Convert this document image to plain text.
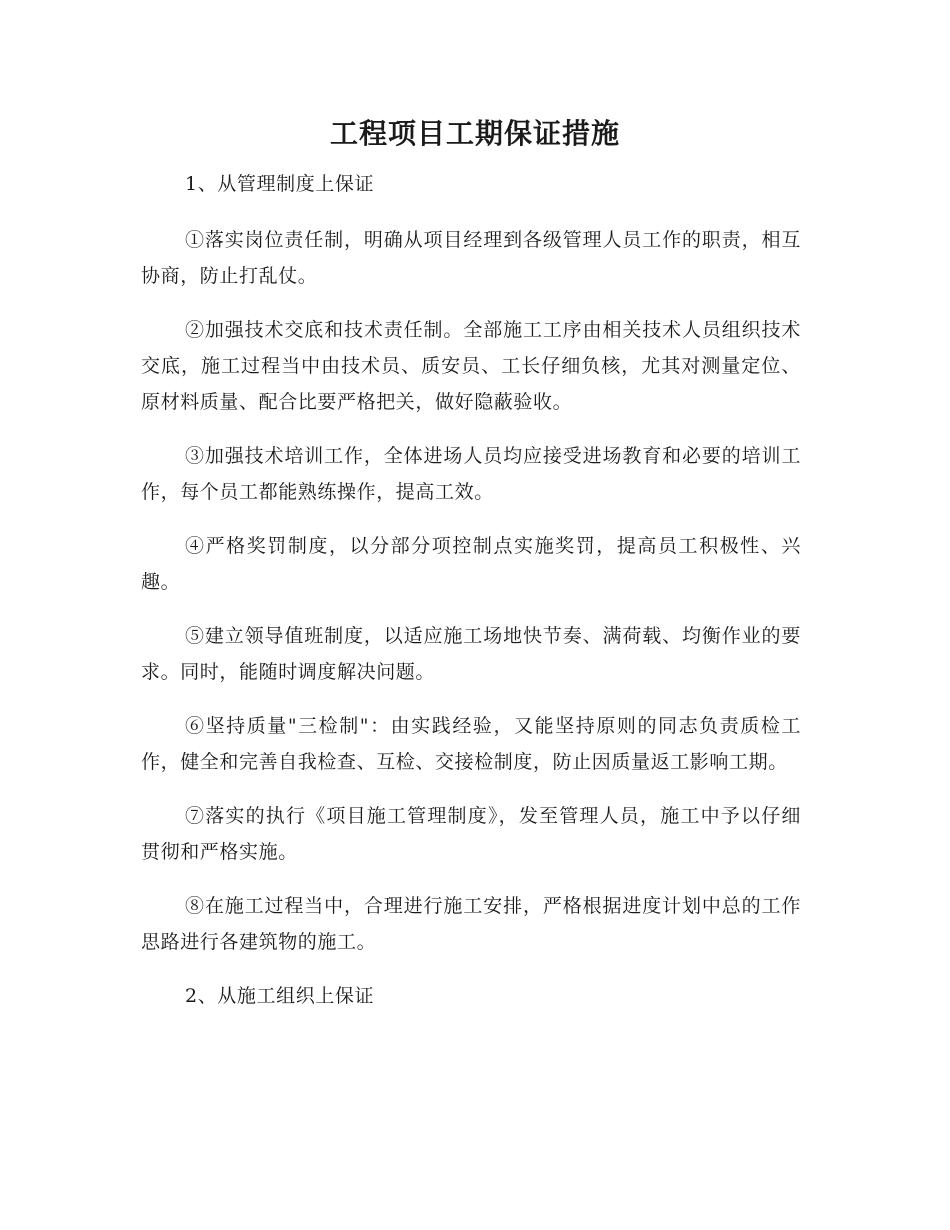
工程项目工期保证措施

1、从管理制度上保证

①落实岗位责任制，明确从项目经理到各级管理人员工作的职责，相互协商，防止打乱仗。

②加强技术交底和技术责任制。全部施工工序由相关技术人员组织技术交底，施工过程当中由技术员、质安员、工长仔细负核，尤其对测量定位、原材料质量、配合比要严格把关，做好隐蔽验收。

③加强技术培训工作，全体进场人员均应接受进场教育和必要的培训工作，每个员工都能熟练操作，提高工效。

④严格奖罚制度，以分部分项控制点实施奖罚，提高员工积极性、兴趣。

⑤建立领导值班制度，以适应施工场地快节奏、满荷载、均衡作业的要求。同时，能随时调度解决问题。

⑥坚持质量"三检制"：由实践经验，又能坚持原则的同志负责质检工作，健全和完善自我检查、互检、交接检制度，防止因质量返工影响工期。

⑦落实的执行《项目施工管理制度》，发至管理人员，施工中予以仔细贯彻和严格实施。

⑧在施工过程当中，合理进行施工安排，严格根据进度计划中总的工作思路进行各建筑物的施工。

2、从施工组织上保证
